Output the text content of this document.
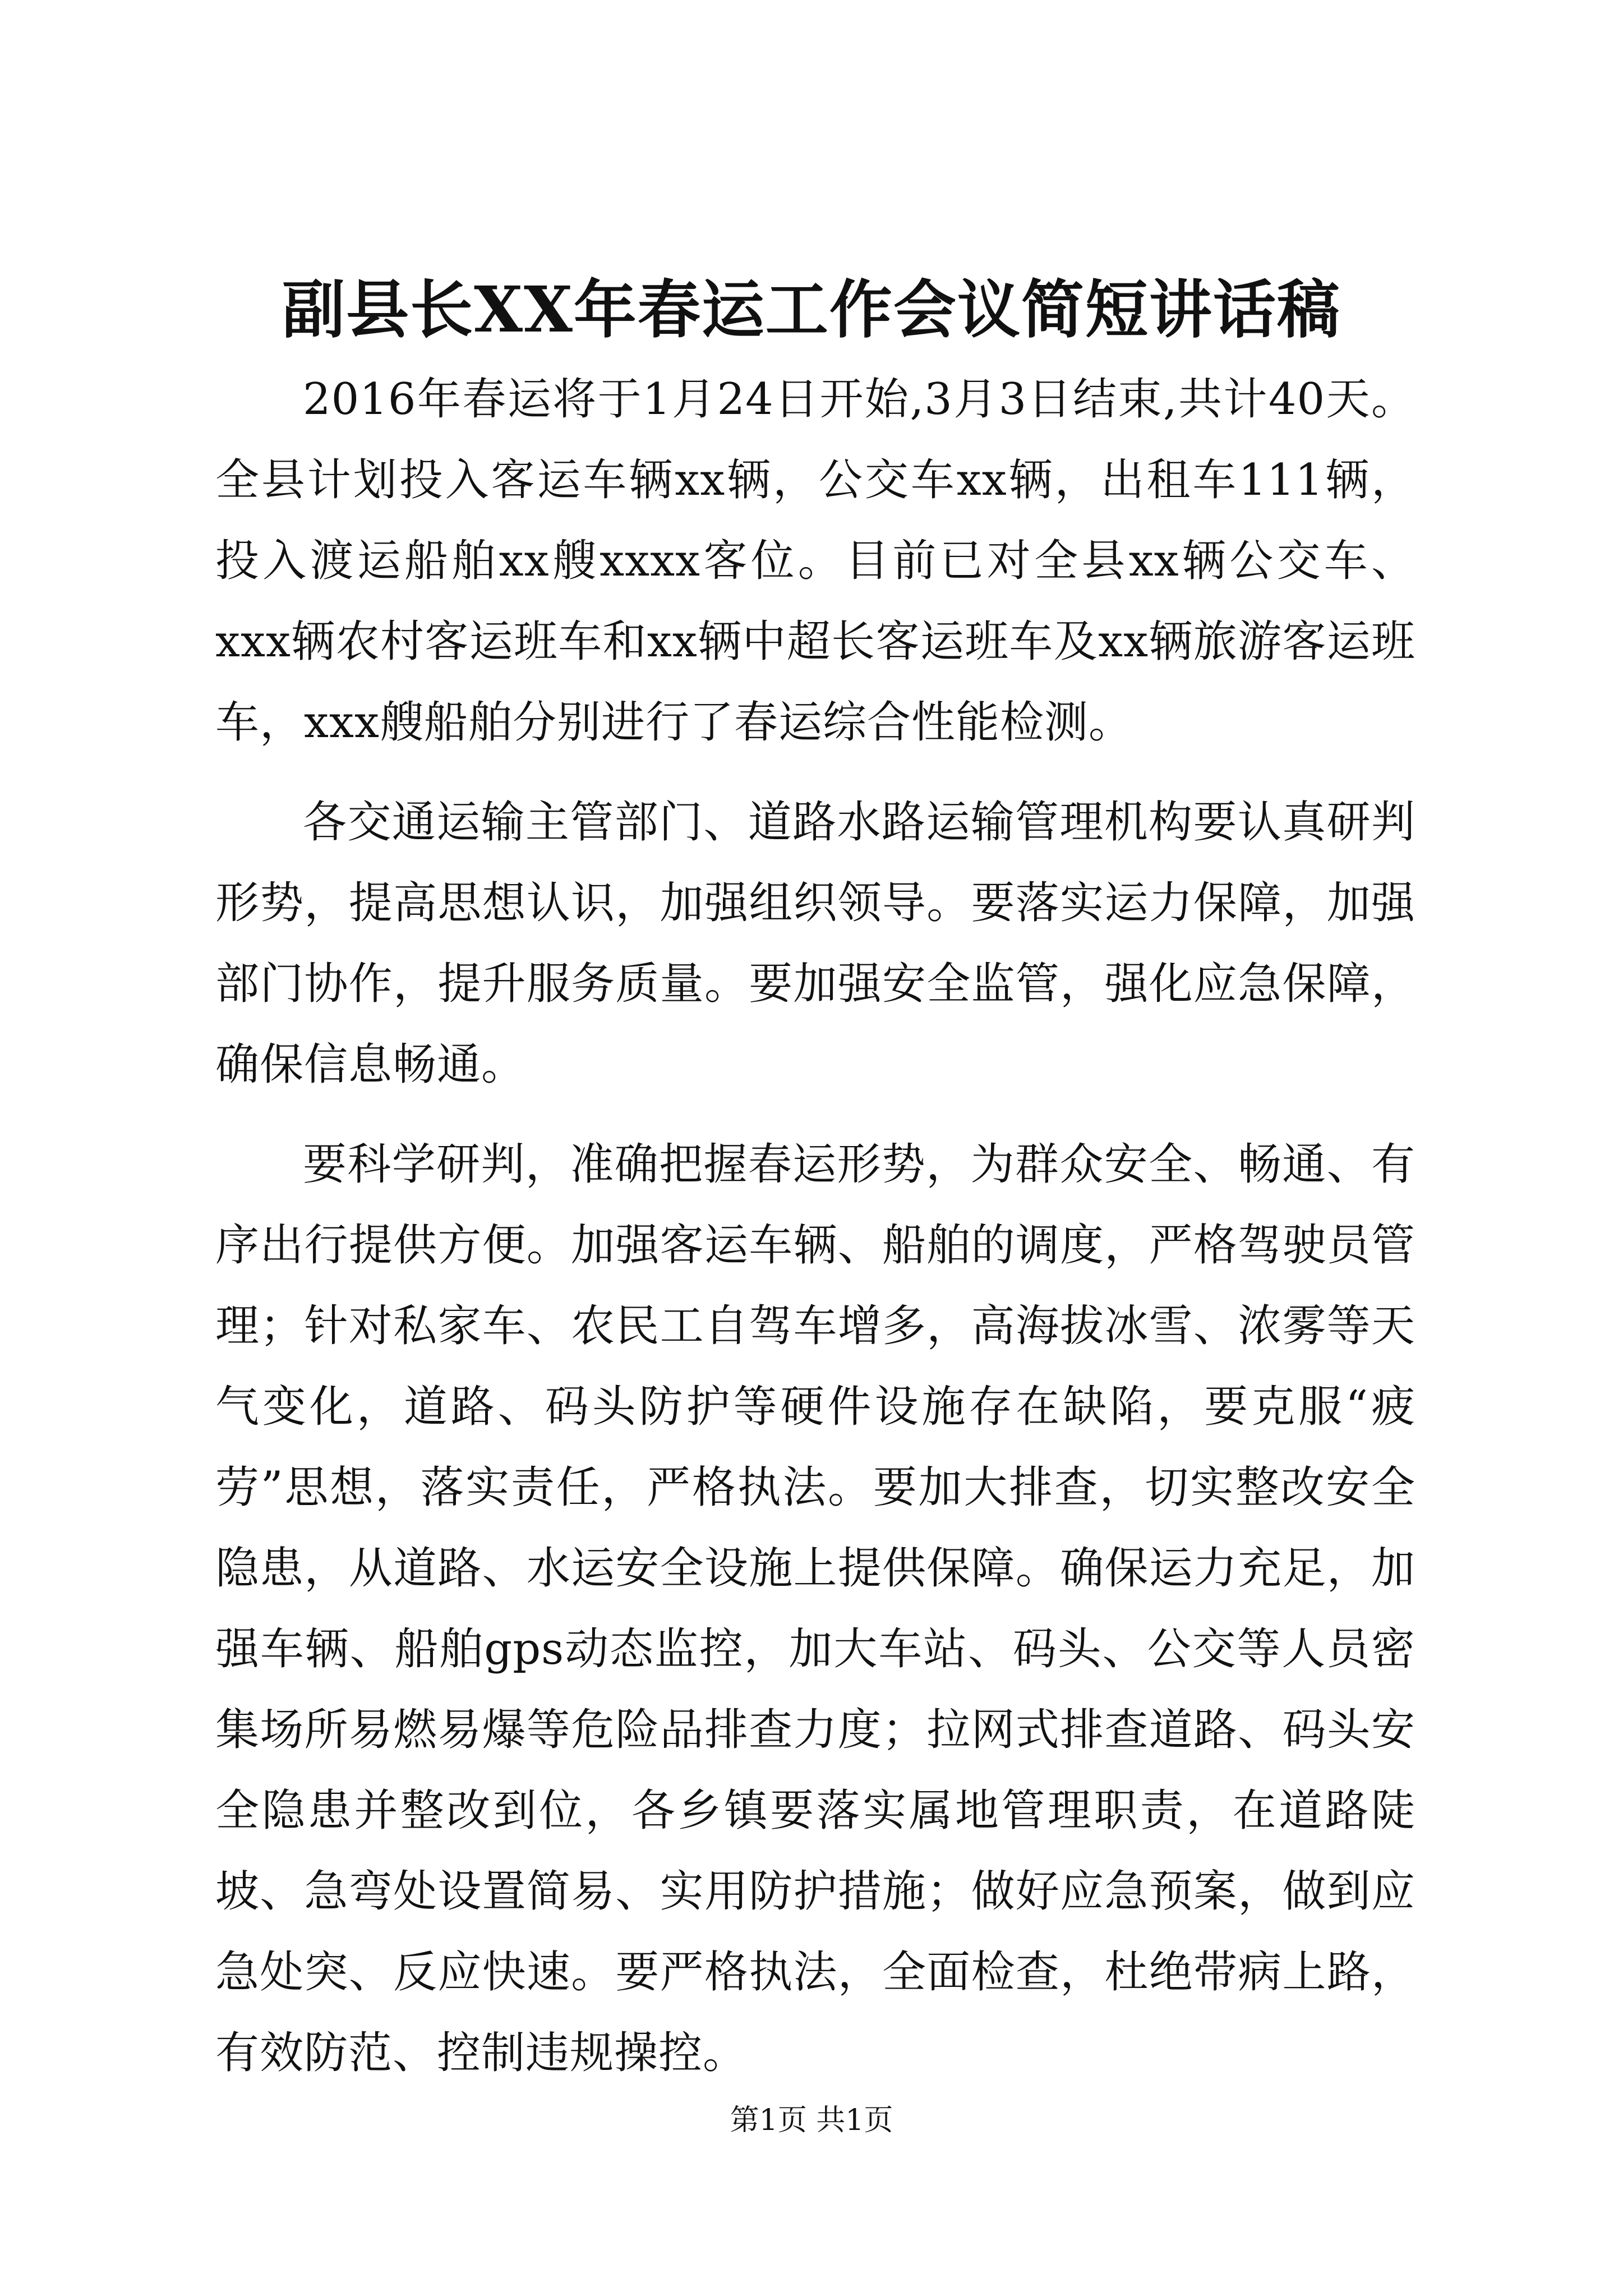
副县长XX年春运工作会议简短讲话稿

2016年春运将于1月24日开始,3月3日结束,共计40天。全县计划投入客运车辆xx辆，公交车xx辆，出租车111辆，投入渡运船舶xx艘xxxx客位。目前已对全县xx辆公交车、xxx辆农村客运班车和xx辆中超长客运班车及xx辆旅游客运班车，xxx艘船舶分别进行了春运综合性能检测。

各交通运输主管部门、道路水路运输管理机构要认真研判形势，提高思想认识，加强组织领导。要落实运力保障，加强部门协作，提升服务质量。要加强安全监管，强化应急保障，确保信息畅通。

要科学研判，准确把握春运形势，为群众安全、畅通、有序出行提供方便。加强客运车辆、船舶的调度，严格驾驶员管理；针对私家车、农民工自驾车增多，高海拔冰雪、浓雾等天气变化，道路、码头防护等硬件设施存在缺陷，要克服“疲劳”思想，落实责任，严格执法。要加大排查，切实整改安全隐患，从道路、水运安全设施上提供保障。确保运力充足，加强车辆、船舶gps动态监控，加大车站、码头、公交等人员密集场所易燃易爆等危险品排查力度；拉网式排查道路、码头安全隐患并整改到位，各乡镇要落实属地管理职责，在道路陡坡、急弯处设置简易、实用防护措施；做好应急预案，做到应急处突、反应快速。要严格执法，全面检查，杜绝带病上路，有效防范、控制违规操控。

第1页 共1页
